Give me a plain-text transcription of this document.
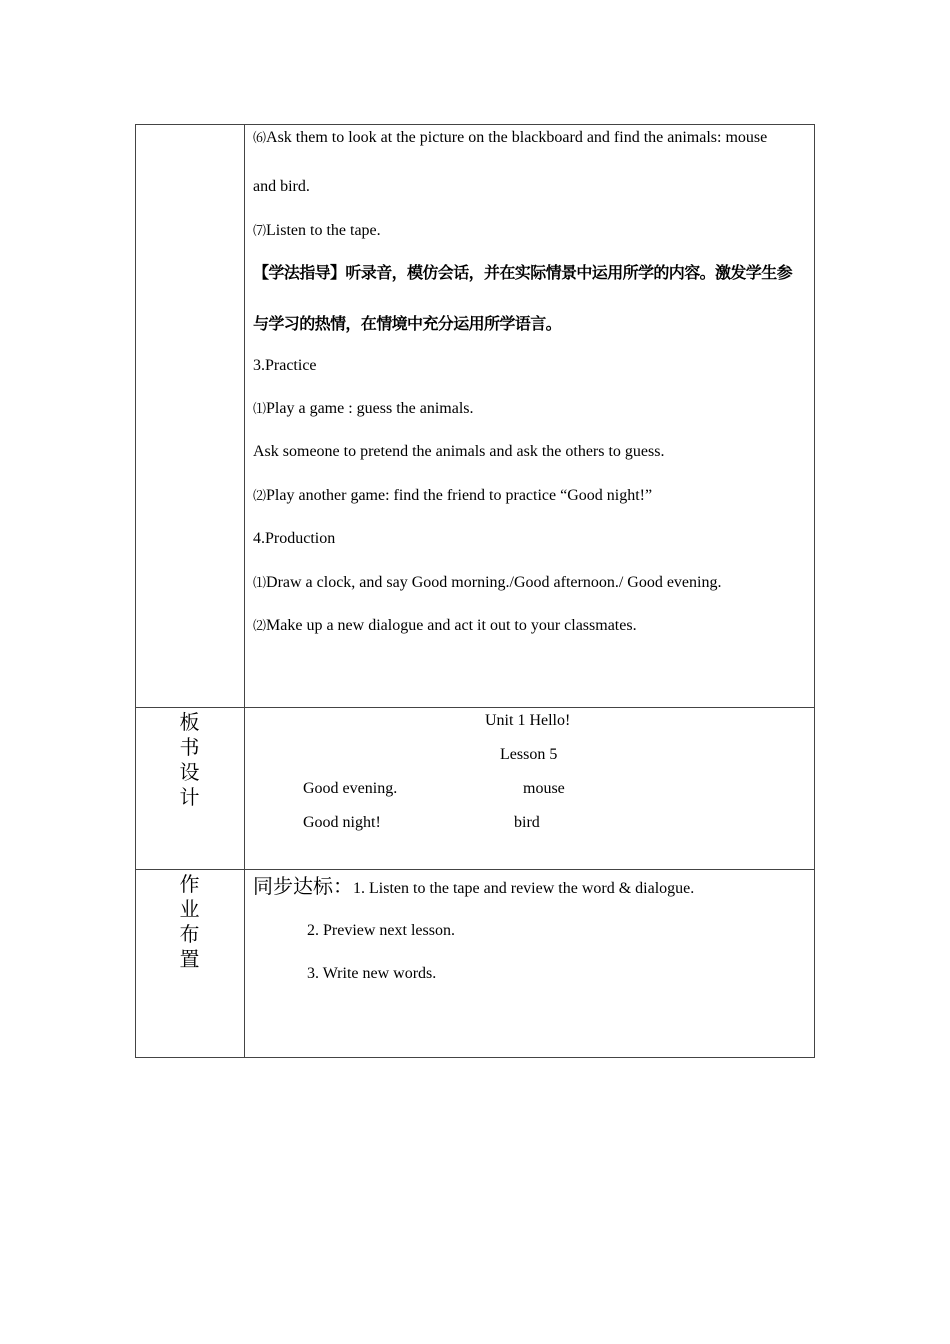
⑹Ask them to look at the picture on the blackboard and find the animals: mouse
and bird.
⑺Listen to the tape.
【学法指导】听录音，模仿会话，并在实际情景中运用所学的内容。激发学生参
与学习的热情，在情境中充分运用所学语言。
3.Practice
⑴Play a game : guess the animals.
Ask someone to pretend the animals and ask the others to guess.
⑵Play another game: find the friend to practice “Good night!”
4.Production
⑴Draw a clock, and say Good morning./Good afternoon./ Good evening.
⑵Make up a new dialogue and act it out to your classmates.
板
书
设
计
Unit 1 Hello!
Lesson 5
Good evening.	mouse
Good night!	bird
作
业
布
置
同步达标：1. Listen to the tape and review the word & dialogue.
2. Preview next lesson.
3. Write new words.
